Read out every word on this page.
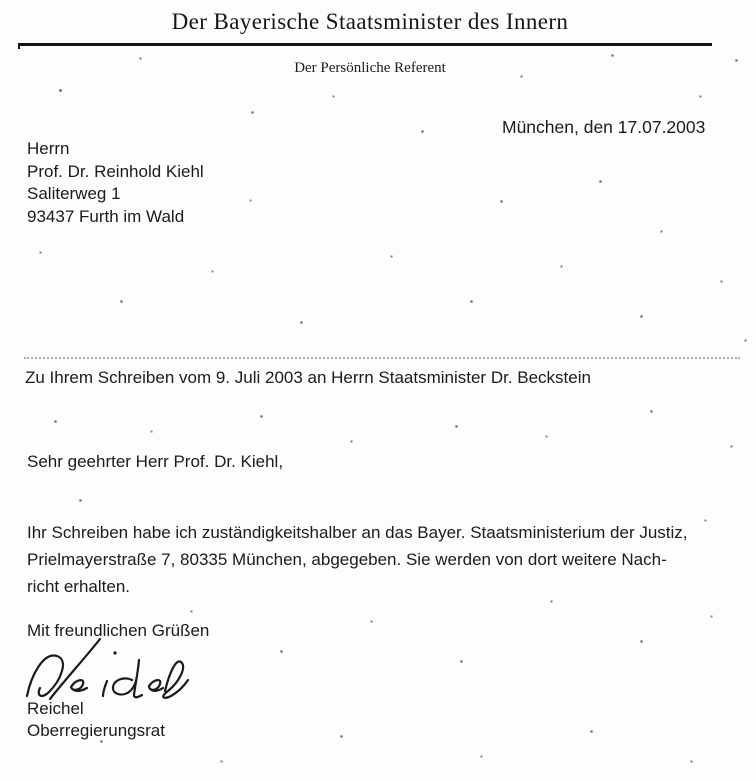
Der Bayerische Staatsminister des Innern
Der Persönliche Referent
München, den 17.07.2003
Herrn
Prof. Dr. Reinhold Kiehl
Saliterweg 1
93437 Furth im Wald
Zu Ihrem Schreiben vom 9. Juli 2003 an Herrn Staatsminister Dr. Beckstein
Sehr geehrter Herr Prof. Dr. Kiehl,
Ihr Schreiben habe ich zuständigkeitshalber an das Bayer. Staatsministerium der Justiz,
Prielmayerstraße 7, 80335 München, abgegeben. Sie werden von dort weitere Nach-
richt erhalten.
Mit freundlichen Grüßen
Reichel
Oberregierungsrat
